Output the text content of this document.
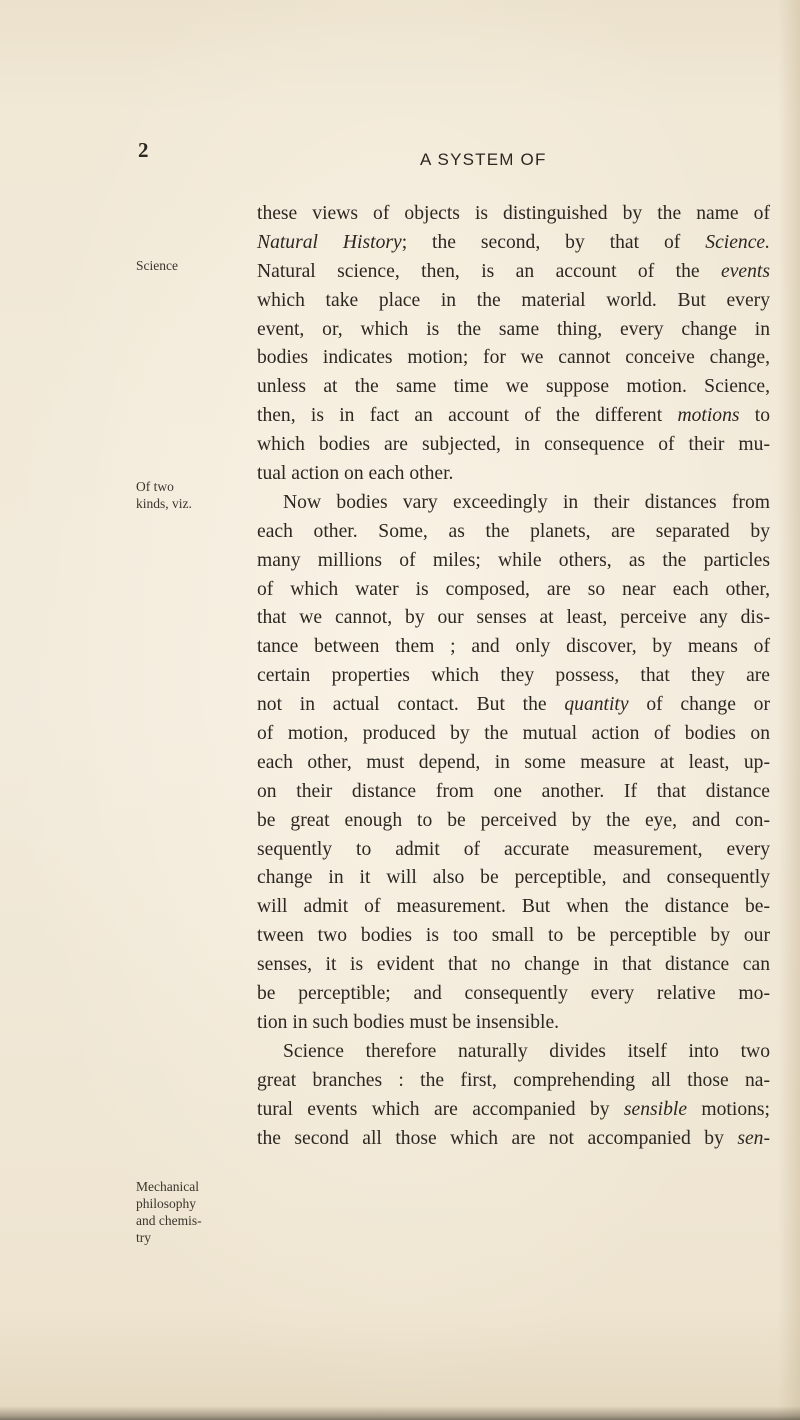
2	A SYSTEM OF
Science
Of two
kinds, viz.
Mechanical
philosophy
and chemis-
try
these views of objects is distinguished by the name of
Natural History; the second, by that of Science.
Natural science, then, is an account of the events
which take place in the material world. But every
event, or, which is the same thing, every change in
bodies indicates motion; for we cannot conceive change,
unless at the same time we suppose motion. Science,
then, is in fact an account of the different motions to
which bodies are subjected, in consequence of their mu-
tual action on each other.
Now bodies vary exceedingly in their distances from
each other. Some, as the planets, are separated by
many millions of miles; while others, as the particles
of which water is composed, are so near each other,
that we cannot, by our senses at least, perceive any dis-
tance between them ; and only discover, by means of
certain properties which they possess, that they are
not in actual contact. But the quantity of change or
of motion, produced by the mutual action of bodies on
each other, must depend, in some measure at least, up-
on their distance from one another. If that distance
be great enough to be perceived by the eye, and con-
sequently to admit of accurate measurement, every
change in it will also be perceptible, and consequently
will admit of measurement. But when the distance be-
tween two bodies is too small to be perceptible by our
senses, it is evident that no change in that distance can
be perceptible; and consequently every relative mo-
tion in such bodies must be insensible.
Science therefore naturally divides itself into two
great branches : the first, comprehending all those na-
tural events which are accompanied by sensible motions;
the second all those which are not accompanied by sen-
